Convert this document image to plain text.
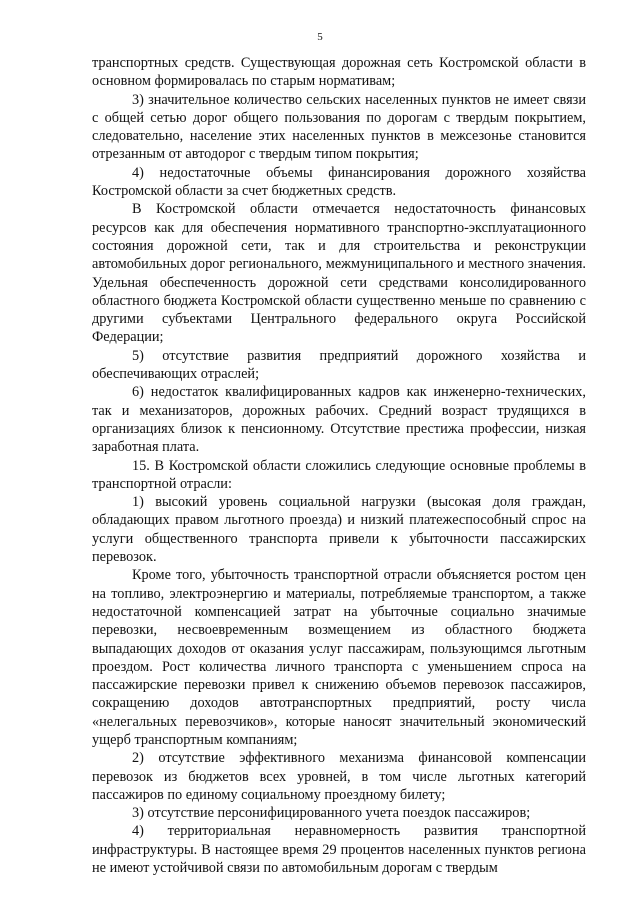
5

транспортных средств. Существующая дорожная сеть Костромской области в основном формировалась по старым нормативам;

3) значительное количество сельских населенных пунктов не имеет связи с общей сетью дорог общего пользования по дорогам с твердым покрытием, следовательно, население этих населенных пунктов в межсезонье становится отрезанным от автодорог с твердым типом покрытия;

4) недостаточные объемы финансирования дорожного хозяйства Костромской области за счет бюджетных средств.

В Костромской области отмечается недостаточность финансовых ресурсов как для обеспечения нормативного транспортно-эксплуатационного состояния дорожной сети, так и для строительства и реконструкции автомобильных дорог регионального, межмуниципального и местного значения. Удельная обеспеченность дорожной сети средствами консолидированного областного бюджета Костромской области существенно меньше по сравнению с другими субъектами Центрального федерального округа Российской Федерации;

5) отсутствие развития предприятий дорожного хозяйства и обеспечивающих отраслей;

6) недостаток квалифицированных кадров как инженерно-технических, так и механизаторов, дорожных рабочих. Средний возраст трудящихся в организациях близок к пенсионному. Отсутствие престижа профессии, низкая заработная плата.

15. В Костромской области сложились следующие основные проблемы в транспортной отрасли:

1) высокий уровень социальной нагрузки (высокая доля граждан, обладающих правом льготного проезда) и низкий платежеспособный спрос на услуги общественного транспорта привели к убыточности пассажирских перевозок.

Кроме того, убыточность транспортной отрасли объясняется ростом цен на топливо, электроэнергию и материалы, потребляемые транспортом, а также недостаточной компенсацией затрат на убыточные социально значимые перевозки, несвоевременным возмещением из областного бюджета выпадающих доходов от оказания услуг пассажирам, пользующимся льготным проездом. Рост количества личного транспорта с уменьшением спроса на пассажирские перевозки привел к снижению объемов перевозок пассажиров, сокращению доходов автотранспортных предприятий, росту числа «нелегальных перевозчиков», которые наносят значительный экономический ущерб транспортным компаниям;

2) отсутствие эффективного механизма финансовой компенсации перевозок из бюджетов всех уровней, в том числе льготных категорий пассажиров по единому социальному проездному билету;

3) отсутствие персонифицированного учета поездок пассажиров;

4) территориальная неравномерность развития транспортной инфраструктуры. В настоящее время 29 процентов населенных пунктов региона не имеют устойчивой связи по автомобильным дорогам с твердым
